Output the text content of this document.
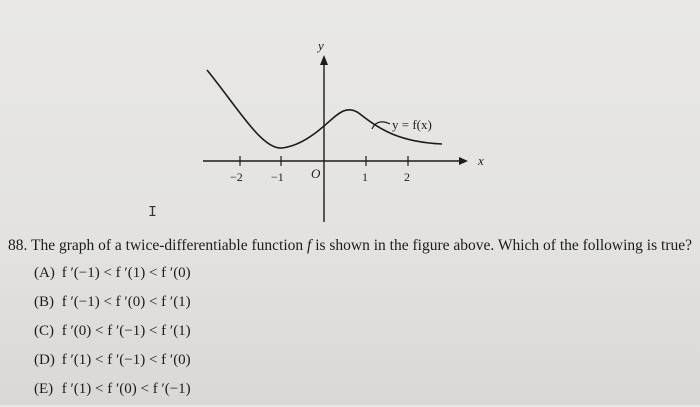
y
x
O
y = f(x)
−2 −1	1	2
I
88. The graph of a twice-differentiable function f is shown in the figure above. Which of the following is true?
(A) f ′(−1) < f ′(1) < f ′(0)
(B) f ′(−1) < f ′(0) < f ′(1)
(C) f ′(0) < f ′(−1) < f ′(1)
(D) f ′(1) < f ′(−1) < f ′(0)
(E) f ′(1) < f ′(0) < f ′(−1)
